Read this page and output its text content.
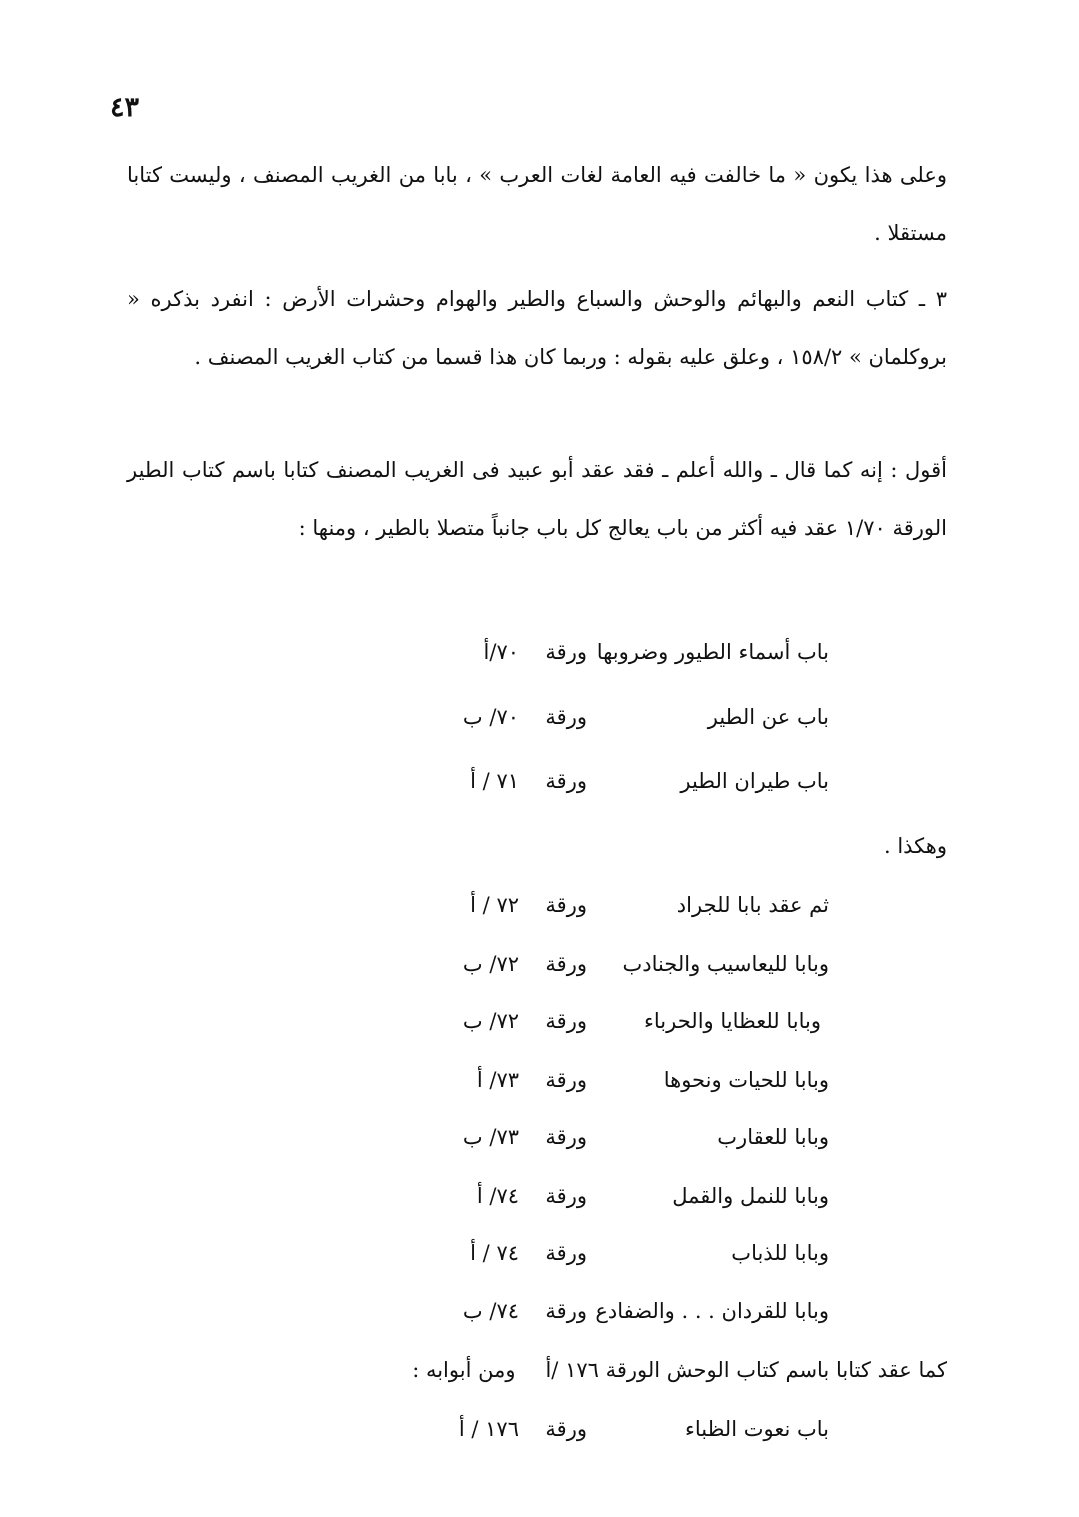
٤٣
وعلى هذا يكون « ما خالفت فيه العامة لغات العرب » ، بابا من الغريب المصنف ، وليست كتابا مستقلا .
٣ ـ كتاب النعم والبهائم والوحش والسباع والطير والهوام وحشرات الأرض : انفرد بذكره « بروكلمان » ١٥٨/٢ ، وعلق عليه بقوله : وربما كان هذا قسما من كتاب الغريب المصنف .
أقول : إنه كما قال ـ والله أعلم ـ فقد عقد أبو عبيد فى الغريب المصنف كتابا باسم كتاب الطير الورقة ١/٧٠ عقد فيه أكثر من باب يعالج كل باب جانباً متصلا بالطير ، ومنها :
باب أسماء الطيور وضروبها
ورقة
٧٠/أ
باب عن الطير
ورقة
٧٠/ ب
باب طيران الطير
ورقة
٧١ / أ
وهكذا .
ثم عقد بابا للجراد
ورقة
٧٢ / أ
وبابا لليعاسيب والجنادب
ورقة
٧٢/ ب
وبابا للعظايا والحرباء
ورقة
٧٢/ ب
وبابا للحيات ونحوها
ورقة
٧٣/ أ
وبابا للعقارب
ورقة
٧٣/ ب
وبابا للنمل والقمل
ورقة
٧٤/ أ
وبابا للذباب
ورقة
٧٤ / أ
وبابا للقردان . . . والضفادع
ورقة
٧٤/ ب
كما عقد كتابا باسم كتاب الوحش الورقة ١٧٦ /أومن أبوابه :
باب نعوت الظباء
ورقة
١٧٦ / أ
